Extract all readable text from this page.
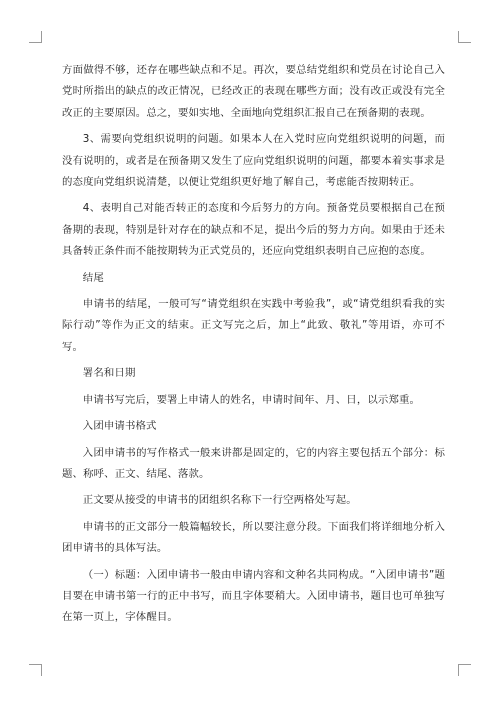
方面做得不够，还存在哪些缺点和不足。再次，要总结党组织和党员在讨论自己入党时所指出的缺点的改正情况，已经改正的表现在哪些方面；没有改正或没有完全改正的主要原因。总之，要如实地、全面地向党组织汇报自己在预备期的表现。

3、需要向党组织说明的问题。如果本人在入党时应向党组织说明的问题，而没有说明的，或者是在预备期又发生了应向党组织说明的问题，都要本着实事求是的态度向党组织说清楚，以便让党组织更好地了解自己，考虑能否按期转正。

4、表明自己对能否转正的态度和今后努力的方向。预备党员要根据自己在预备期的表现，特别是针对存在的缺点和不足，提出今后的努力方向。如果由于还未具备转正条件而不能按期转为正式党员的，还应向党组织表明自己应抱的态度。

结尾

申请书的结尾，一般可写“请党组织在实践中考验我”，或“请党组织看我的实际行动”等作为正文的结束。正文写完之后，加上“此致、敬礼”等用语，亦可不写。

署名和日期

申请书写完后，要署上申请人的姓名，申请时间年、月、日，以示郑重。

入团申请书格式

入团申请书的写作格式一般来讲都是固定的，它的内容主要包括五个部分：标题、称呼、正文、结尾、落款。

正文要从接受的申请书的团组织名称下一行空两格处写起。

申请书的正文部分一般篇幅较长，所以要注意分段。下面我们将详细地分析入团申请书的具体写法。

（一）标题：入团申请书一般由申请内容和文种名共同构成。“入团申请书”题目要在申请书第一行的正中书写，而且字体要稍大。入团申请书，题目也可单独写在第一页上，字体醒目。
